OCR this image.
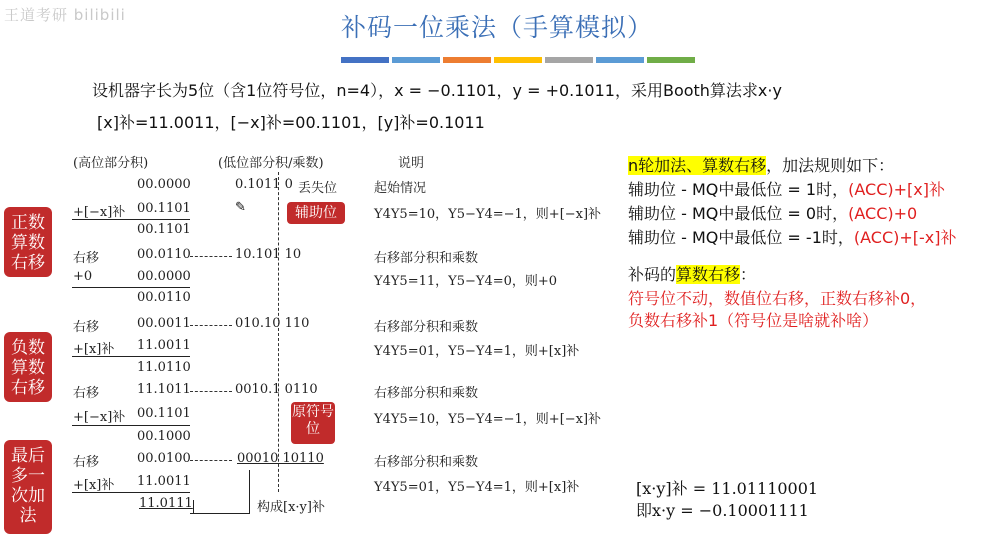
王道考研 bilibili	补码一位乘法（手算模拟）
设机器字长为5位（含1位符号位，n=4），x = −0.1101，y = +0.1011，采用Booth算法求x·y
[x]补=11.0011，[−x]补=00.1101，[y]补=0.1011
(高位部分积)	(低位部分积/乘数)	说明
00.0000	0.1011 0 丢失位	起始情况
✎
+[−x]补 00.1101	Y4Y5=10，Y5−Y4=−1，则+[−x]补
00.1101
右移	00.0110	10.101 10	右移部分积和乘数
+0	00.0000	Y4Y5=11，Y5−Y4=0，则+0
00.0110
右移	00.0011	010.10 110	右移部分积和乘数
+[x]补 11.0011	Y4Y5=01，Y5−Y4=1，则+[x]补
11.0110
右移	11.1011	0010.1 0110	右移部分积和乘数
+[−x]补 00.1101	Y4Y5=10，Y5−Y4=−1，则+[−x]补
00.1000
右移	00.0100	00010 10110	右移部分积和乘数
+[x]补 11.0011	Y4Y5=01，Y5−Y4=1，则+[x]补
11.0111	构成[x·y]补
辅助位
原符号位
正数算数右移
负数算数右移
最后多一次加法
n轮加法、算数右移，加法规则如下：
辅助位 - MQ中最低位 = 1时，(ACC)+[x]补
辅助位 - MQ中最低位 = 0时，(ACC)+0
辅助位 - MQ中最低位 = -1时，(ACC)+[-x]补
补码的算数右移：
符号位不动，数值位右移，正数右移补0，
负数右移补1（符号位是啥就补啥）
[x·y]补 = 11.01110001
即x·y = −0.10001111
